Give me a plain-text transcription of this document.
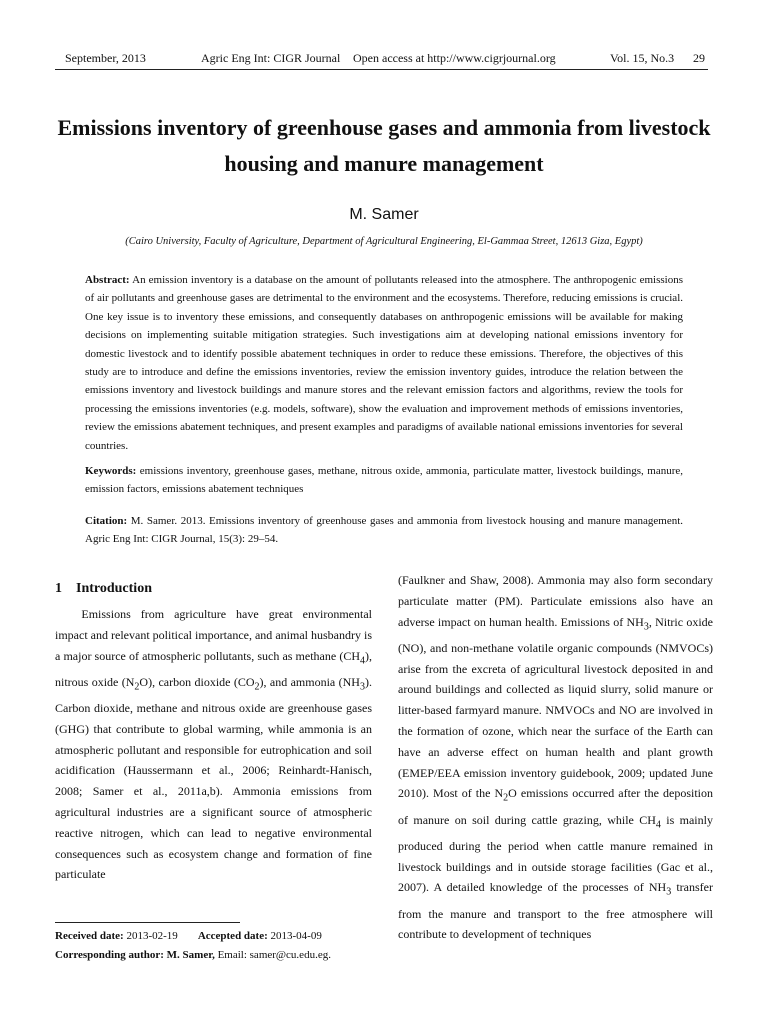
September, 2013	Agric Eng Int: CIGR Journal Open access at http://www.cigrjournal.org	Vol. 15, No.3 29
Emissions inventory of greenhouse gases and ammonia from livestock housing and manure management
M. Samer
(Cairo University, Faculty of Agriculture, Department of Agricultural Engineering, El-Gammaa Street, 12613 Giza, Egypt)

Abstract: An emission inventory is a database on the amount of pollutants released into the atmosphere. The anthropogenic emissions of air pollutants and greenhouse gases are detrimental to the environment and the ecosystems. Therefore, reducing emissions is crucial. One key issue is to inventory these emissions, and consequently databases on anthropogenic emissions will be available for making decisions on implementing suitable mitigation strategies. Such investigations aim at developing national emissions inventory for domestic livestock and to identify possible abatement techniques in order to reduce these emissions. Therefore, the objectives of this study are to introduce and define the emissions inventories, review the emission inventory guides, introduce the relation between the emissions inventory and livestock buildings and manure stores and the relevant emission factors and algorithms, review the tools for processing the emissions inventories (e.g. models, software), show the evaluation and improvement methods of emissions inventories, review the emissions abatement techniques, and present examples and paradigms of available national emissions inventories for several countries.

Keywords: emissions inventory, greenhouse gases, methane, nitrous oxide, ammonia, particulate matter, livestock buildings, manure, emission factors, emissions abatement techniques

Citation: M. Samer. 2013. Emissions inventory of greenhouse gases and ammonia from livestock housing and manure management. Agric Eng Int: CIGR Journal, 15(3): 29–54.

1 Introduction

Emissions from agriculture have great environmental impact and relevant political importance, and animal husbandry is a major source of atmospheric pollutants, such as methane $(CH_4)$, nitrous oxide $(N_2O)$, carbon dioxide $(CO_2)$, and ammonia $(NH_3)$. Carbon dioxide, methane and nitrous oxide are greenhouse gases (GHG) that contribute to global warming, while ammonia is an atmospheric pollutant and responsible for eutrophication and soil acidification (Haussermann et al., 2006; Reinhardt-Hanisch, 2008; Samer et al., 2011a,b). Ammonia emissions from agricultural industries are a significant source of atmospheric reactive nitrogen, which can lead to negative environmental consequences such as ecosystem change and formation of fine particulate

(Faulkner and Shaw, 2008). Ammonia may also form secondary particulate matter (PM). Particulate emissions also have an adverse impact on human health. Emissions of $NH_3$, Nitric oxide (NO), and non-methane volatile organic compounds (NMVOCs) arise from the excreta of agricultural livestock deposited in and around buildings and collected as liquid slurry, solid manure or litter-based farmyard manure. NMVOCs and NO are involved in the formation of ozone, which near the surface of the Earth can have an adverse effect on human health and plant growth (EMEP/EEA emission inventory guidebook, 2009; updated June 2010). Most of the $N_2O$ emissions occurred after the deposition of manure on soil during cattle grazing, while $CH_4$ is mainly produced during the period when cattle manure remained in livestock buildings and in outside storage facilities (Gac et al., 2007). A detailed knowledge of the processes of $NH_3$ transfer from the manure and transport to the free atmosphere will contribute to development of techniques

Received date: 2013-02-19 Accepted date: 2013-04-09
Corresponding author: M. Samer, Email: samer@cu.edu.eg.
